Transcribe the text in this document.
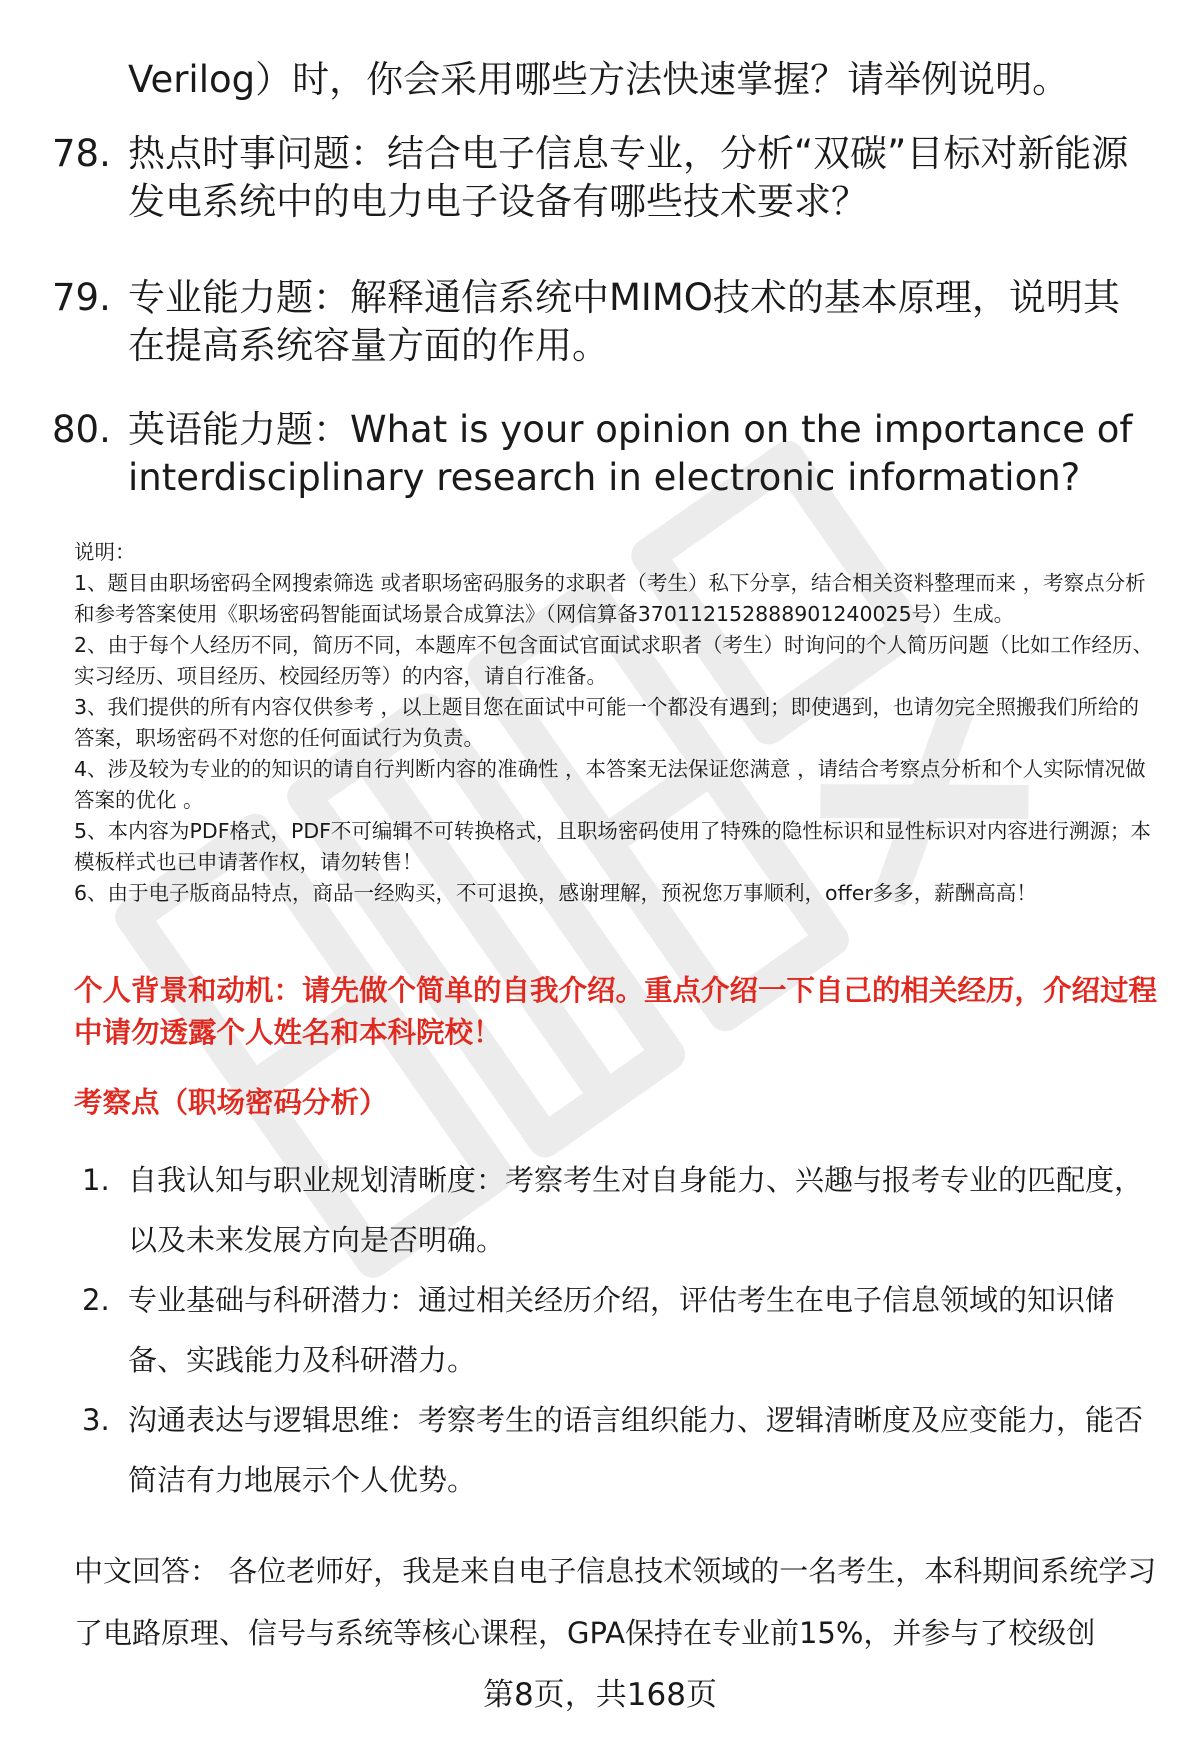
Verilog）时，你会采用哪些方法快速掌握？请举例说明。
78. 热点时事问题：结合电子信息专业，分析“双碳”目标对新能源发电系统中的电力电子设备有哪些技术要求？
79. 专业能力题：解释通信系统中MIMO技术的基本原理，说明其在提高系统容量方面的作用。
80. 英语能力题：What is your opinion on the importance of interdisciplinary research in electronic information?

说明：

1、题目由职场密码全网搜索筛选 或者职场密码服务的求职者（考生）私下分享，结合相关资料整理而来 ，考察点分析和参考答案使用《职场密码智能面试场景合成算法》（网信算备370112152888901240025号）生成。

2、由于每个人经历不同，简历不同，本题库不包含面试官面试求职者（考生）时询问的个人简历问题（比如工作经历、实习经历、项目经历、校园经历等）的内容，请自行准备。

3、我们提供的所有内容仅供参考 ，以上题目您在面试中可能一个都没有遇到；即使遇到，也请勿完全照搬我们所给的答案，职场密码不对您的任何面试行为负责。

4、涉及较为专业的的知识的请自行判断内容的准确性 ，本答案无法保证您满意 ，请结合考察点分析和个人实际情况做答案的优化 。

5、本内容为PDF格式，PDF不可编辑不可转换格式，且职场密码使用了特殊的隐性标识和显性标识对内容进行溯源；本模板样式也已申请著作权，请勿转售！

6、由于电子版商品特点，商品一经购买，不可退换，感谢理解，预祝您万事顺利，offer多多，薪酬高高！

个人背景和动机：请先做个简单的自我介绍。重点介绍一下自己的相关经历，介绍过程中请勿透露个人姓名和本科院校！
考察点（职场密码分析）
1. 自我认知与职业规划清晰度：考察考生对自身能力、兴趣与报考专业的匹配度，以及未来发展方向是否明确。
2. 专业基础与科研潜力：通过相关经历介绍，评估考生在电子信息领域的知识储备、实践能力及科研潜力。
3. 沟通表达与逻辑思维：考察考生的语言组织能力、逻辑清晰度及应变能力，能否简洁有力地展示个人优势。
中文回答： 各位老师好，我是来自电子信息技术领域的一名考生，本科期间系统学习了电路原理、信号与系统等核心课程，GPA保持在专业前15%，并参与了校级创
第8页，共168页
